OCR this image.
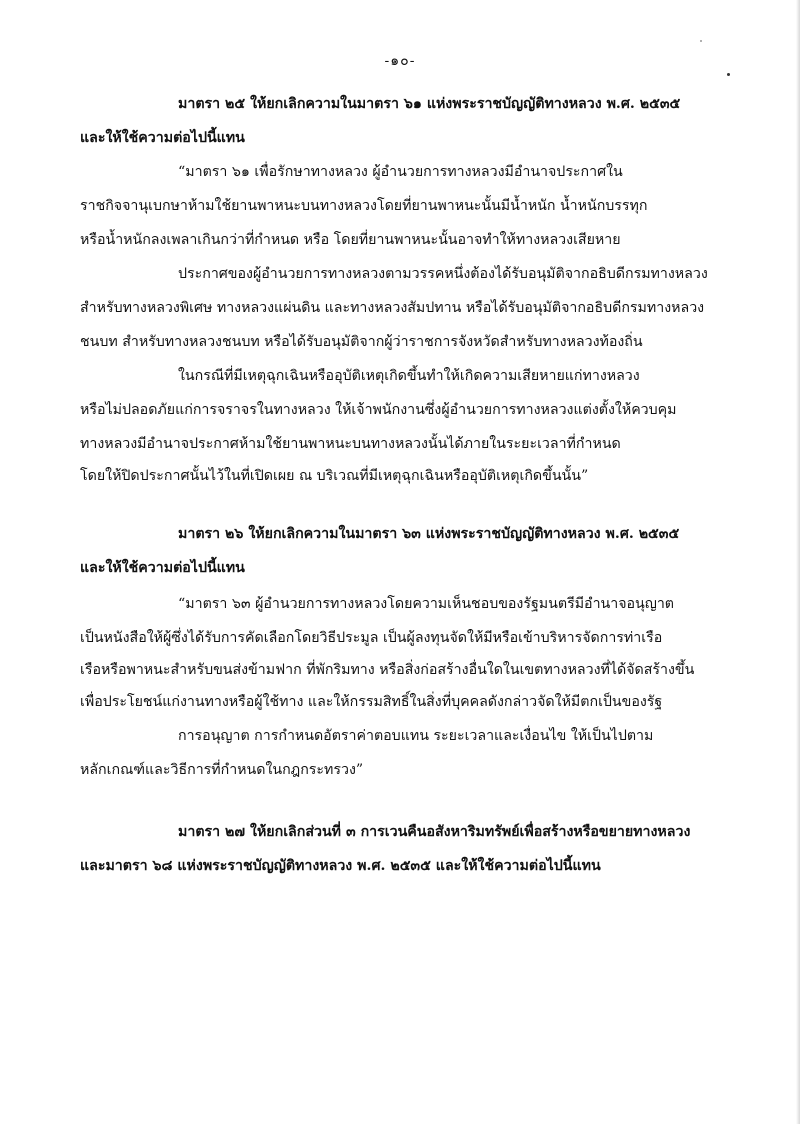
-๑๐-
มาตรา ๒๕ ให้ยกเลิกความในมาตรา ๖๑ แห่งพระราชบัญญัติทางหลวง พ.ศ. ๒๕๓๕
และให้ใช้ความต่อไปนี้แทน
“มาตรา ๖๑ เพื่อรักษาทางหลวง ผู้อำนวยการทางหลวงมีอำนาจประกาศใน
ราชกิจจานุเบกษาห้ามใช้ยานพาหนะบนทางหลวงโดยที่ยานพาหนะนั้นมีน้ำหนัก น้ำหนักบรรทุก
หรือน้ำหนักลงเพลาเกินกว่าที่กำหนด หรือ โดยที่ยานพาหนะนั้นอาจทำให้ทางหลวงเสียหาย
ประกาศของผู้อำนวยการทางหลวงตามวรรคหนึ่งต้องได้รับอนุมัติจากอธิบดีกรมทางหลวง
สำหรับทางหลวงพิเศษ ทางหลวงแผ่นดิน และทางหลวงสัมปทาน หรือได้รับอนุมัติจากอธิบดีกรมทางหลวง
ชนบท สำหรับทางหลวงชนบท หรือได้รับอนุมัติจากผู้ว่าราชการจังหวัดสำหรับทางหลวงท้องถิ่น
ในกรณีที่มีเหตุฉุกเฉินหรืออุบัติเหตุเกิดขึ้นทำให้เกิดความเสียหายแก่ทางหลวง
หรือไม่ปลอดภัยแก่การจราจรในทางหลวง ให้เจ้าพนักงานซึ่งผู้อำนวยการทางหลวงแต่งตั้งให้ควบคุม
ทางหลวงมีอำนาจประกาศห้ามใช้ยานพาหนะบนทางหลวงนั้นได้ภายในระยะเวลาที่กำหนด
โดยให้ปิดประกาศนั้นไว้ในที่เปิดเผย ณ บริเวณที่มีเหตุฉุกเฉินหรืออุบัติเหตุเกิดขึ้นนั้น”
มาตรา ๒๖ ให้ยกเลิกความในมาตรา ๖๓ แห่งพระราชบัญญัติทางหลวง พ.ศ. ๒๕๓๕
และให้ใช้ความต่อไปนี้แทน
“มาตรา ๖๓ ผู้อำนวยการทางหลวงโดยความเห็นชอบของรัฐมนตรีมีอำนาจอนุญาต
เป็นหนังสือให้ผู้ซึ่งได้รับการคัดเลือกโดยวิธีประมูล เป็นผู้ลงทุนจัดให้มีหรือเข้าบริหารจัดการท่าเรือ
เรือหรือพาหนะสำหรับขนส่งข้ามฟาก ที่พักริมทาง หรือสิ่งก่อสร้างอื่นใดในเขตทางหลวงที่ได้จัดสร้างขึ้น
เพื่อประโยชน์แก่งานทางหรือผู้ใช้ทาง และให้กรรมสิทธิ์ในสิ่งที่บุคคลดังกล่าวจัดให้มีตกเป็นของรัฐ
การอนุญาต การกำหนดอัตราค่าตอบแทน ระยะเวลาและเงื่อนไข ให้เป็นไปตาม
หลักเกณฑ์และวิธีการที่กำหนดในกฎกระทรวง”
มาตรา ๒๗ ให้ยกเลิกส่วนที่ ๓ การเวนคืนอสังหาริมทรัพย์เพื่อสร้างหรือขยายทางหลวง
และมาตรา ๖๘ แห่งพระราชบัญญัติทางหลวง พ.ศ. ๒๕๓๕ และให้ใช้ความต่อไปนี้แทน
